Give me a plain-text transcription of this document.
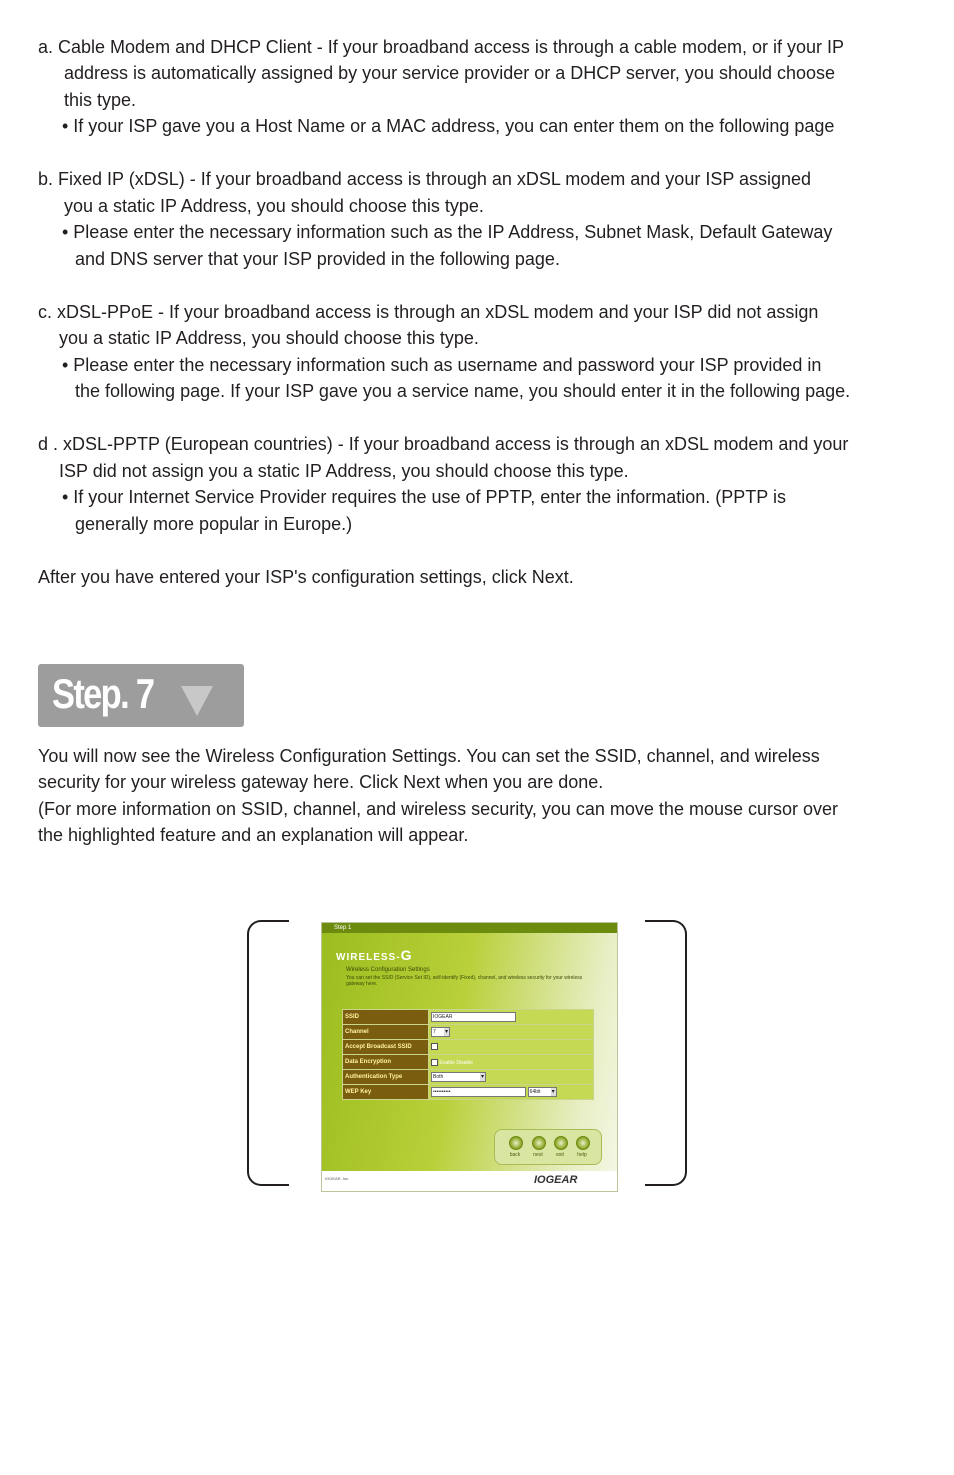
a. Cable Modem and DHCP Client - If your broadband access is through a cable modem, or if your IP

address is automatically assigned by your service provider or a DHCP server, you should choose

this type.

• If your ISP gave you a Host Name or a MAC address, you can enter them on the following page

b. Fixed IP (xDSL) - If your broadband access is through an xDSL modem and your ISP assigned

you a static IP Address, you should choose this type.

• Please enter the necessary information such as the IP Address, Subnet Mask, Default Gateway

and DNS server that your ISP provided in the following page.

c. xDSL-PPoE - If your broadband access is through an xDSL modem and your ISP did not assign

you a static IP Address, you should choose this type.

• Please enter the necessary information such as username and password your ISP provided in

the following page. If your ISP gave you a service name, you should enter it in the following page.

d . xDSL-PPTP (European countries) - If your broadband access is through an xDSL modem and your

ISP did not assign you a static IP Address, you should choose this type.

• If your Internet Service Provider requires the use of PPTP, enter the information. (PPTP is

generally more popular in Europe.)

After you have entered your ISP's configuration settings, click Next.

Step. 7

You will now see the Wireless Configuration Settings. You can set the SSID, channel, and wireless

security for your wireless gateway here. Click Next when you are done.

(For more information on SSID, channel, and wireless security, you can move the mouse cursor over

the highlighted feature and an explanation will appear.

Step 1
WIRELESS-G
Wireless Configuration Settings
You can set the SSID (Service Set ID), self-identify (Fixed), channel, and wireless security for your wireless gateway here.
SSID	IOGEAR
Channel	7 ▾
Accept Broadcast SSID	
Data Encryption	Enable Disable
Authentication Type	Both ▾
WEP Key	•••••••••• 64bit ▾
back	next	exit	help
IOGEAR, Inc.	IOGEAR
